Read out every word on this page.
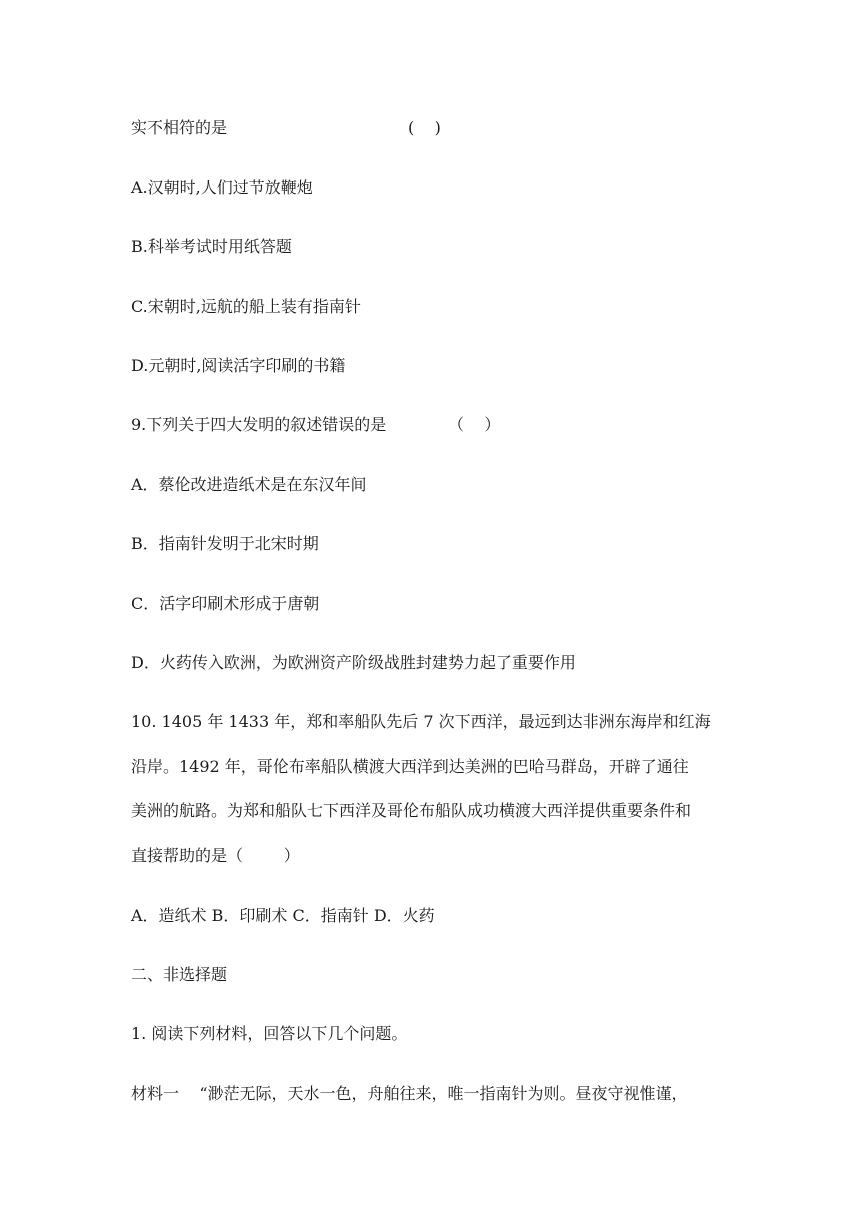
实不相符的是	(    )
A.汉朝时,人们过节放鞭炮
B.科举考试时用纸答题
C.宋朝时,远航的船上装有指南针
D.元朝时,阅读活字印刷的书籍
9.下列关于四大发明的叙述错误的是	（    ）
A．蔡伦改进造纸术是在东汉年间
B．指南针发明于北宋时期
C．活字印刷术形成于唐朝
D．火药传入欧洲，为欧洲资产阶级战胜封建势力起了重要作用
10. 1405 年 1433 年，郑和率船队先后 7 次下西洋，最远到达非洲东海岸和红海
沿岸。1492 年，哥伦布率船队横渡大西洋到达美洲的巴哈马群岛，开辟了通往
美洲的航路。为郑和船队七下西洋及哥伦布船队成功横渡大西洋提供重要条件和
直接帮助的是（        ）
A．造纸术 B．印刷术 C．指南针 D．火药
二、非选择题
1. 阅读下列材料，回答以下几个问题。
材料一    “渺茫无际，天水一色，舟舶往来，唯一指南针为则。昼夜守视惟谨，
